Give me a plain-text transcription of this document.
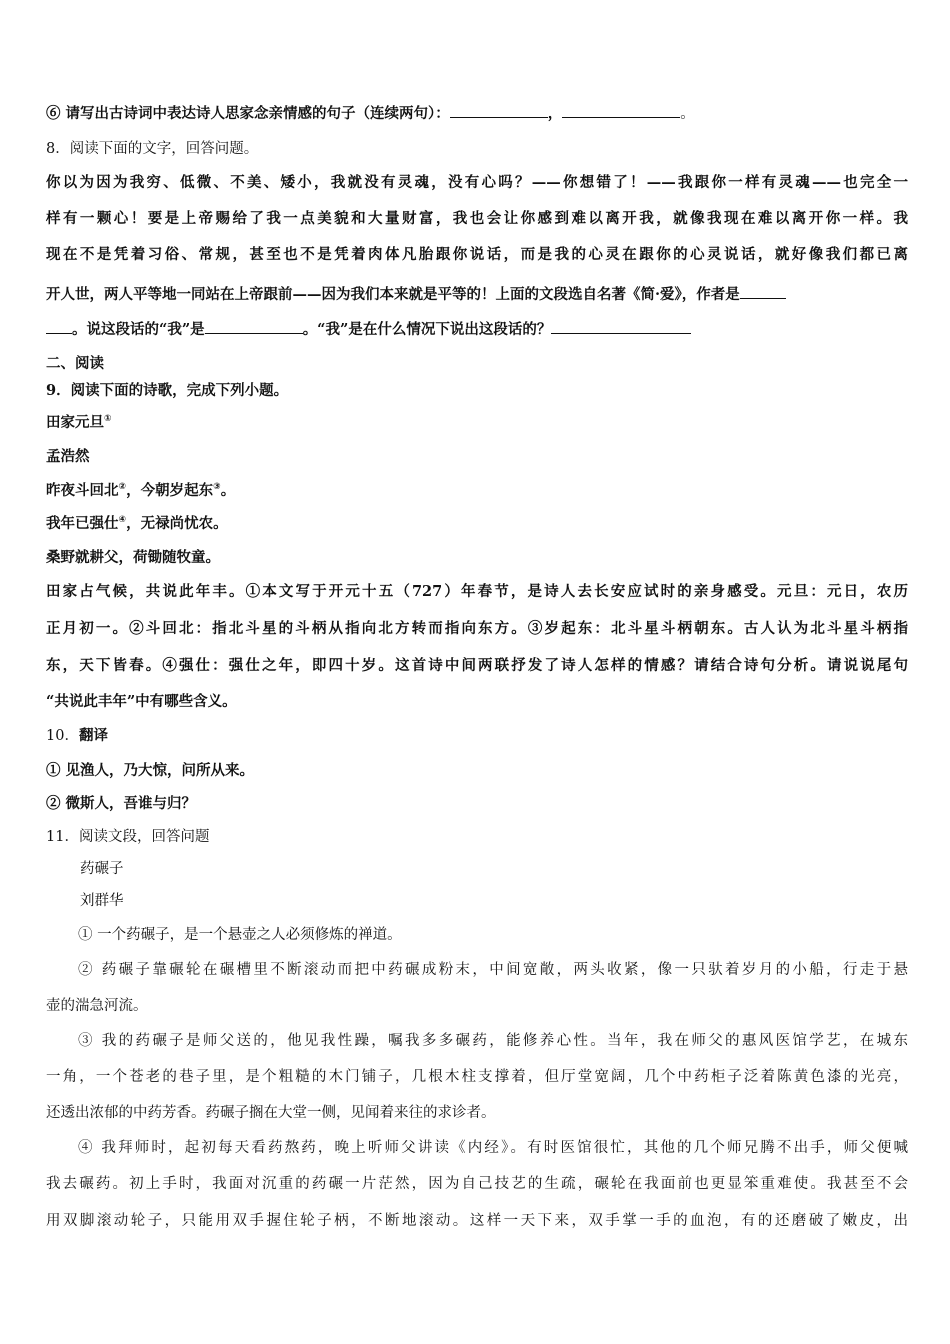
⑥ 请写出古诗词中表达诗人思家念亲情感的句子（连续两句）：	，	。
8．阅读下面的文字，回答问题。
你以为因为我穷、低微、不美、矮小，我就没有灵魂，没有心吗？——你想错了！——我跟你一样有灵魂——也完全一
样有一颗心！要是上帝赐给了我一点美貌和大量财富，我也会让你感到难以离开我，就像我现在难以离开你一样。我
现在不是凭着习俗、常规，甚至也不是凭着肉体凡胎跟你说话，而是我的心灵在跟你的心灵说话，就好像我们都已离
开人世，两人平等地一同站在上帝跟前——因为我们本来就是平等的！上面的文段选自名著《简·爱》，作者是
。说这段话的“我”是	。“我”是在什么情况下说出这段话的？
二、阅读
9．阅读下面的诗歌，完成下列小题。
田家元旦①
孟浩然
昨夜斗回北②，今朝岁起东③。
我年已强仕④，无禄尚忧农。
桑野就耕父，荷锄随牧童。
田家占气候，共说此年丰。①本文写于开元十五（727）年春节，是诗人去长安应试时的亲身感受。元旦：元日，农历
正月初一。②斗回北：指北斗星的斗柄从指向北方转而指向东方。③岁起东：北斗星斗柄朝东。古人认为北斗星斗柄指
东，天下皆春。④强仕：强仕之年，即四十岁。这首诗中间两联抒发了诗人怎样的情感？请结合诗句分析。请说说尾句
“共说此丰年”中有哪些含义。
10．翻译
① 见渔人，乃大惊，问所从来。
② 微斯人，吾谁与归？
11．阅读文段，回答问题
药碾子
刘群华
① 一个药碾子，是一个悬壶之人必须修炼的禅道。
② 药碾子靠碾轮在碾槽里不断滚动而把中药碾成粉末，中间宽敞，两头收紧，像一只驮着岁月的小船，行走于悬
壶的湍急河流。
③ 我的药碾子是师父送的，他见我性躁，嘱我多多碾药，能修养心性。当年，我在师父的惠风医馆学艺，在城东
一角，一个苍老的巷子里，是个粗糙的木门铺子，几根木柱支撑着，但厅堂宽阔，几个中药柜子泛着陈黄色漆的光亮，
还透出浓郁的中药芳香。药碾子搁在大堂一侧，见闻着来往的求诊者。
④ 我拜师时，起初每天看药熬药，晚上听师父讲读《内经》。有时医馆很忙，其他的几个师兄腾不出手，师父便喊
我去碾药。初上手时，我面对沉重的药碾一片茫然，因为自己技艺的生疏，碾轮在我面前也更显笨重难使。我甚至不会
用双脚滚动轮子，只能用双手握住轮子柄，不断地滚动。这样一天下来，双手掌一手的血泡，有的还磨破了嫩皮，出
